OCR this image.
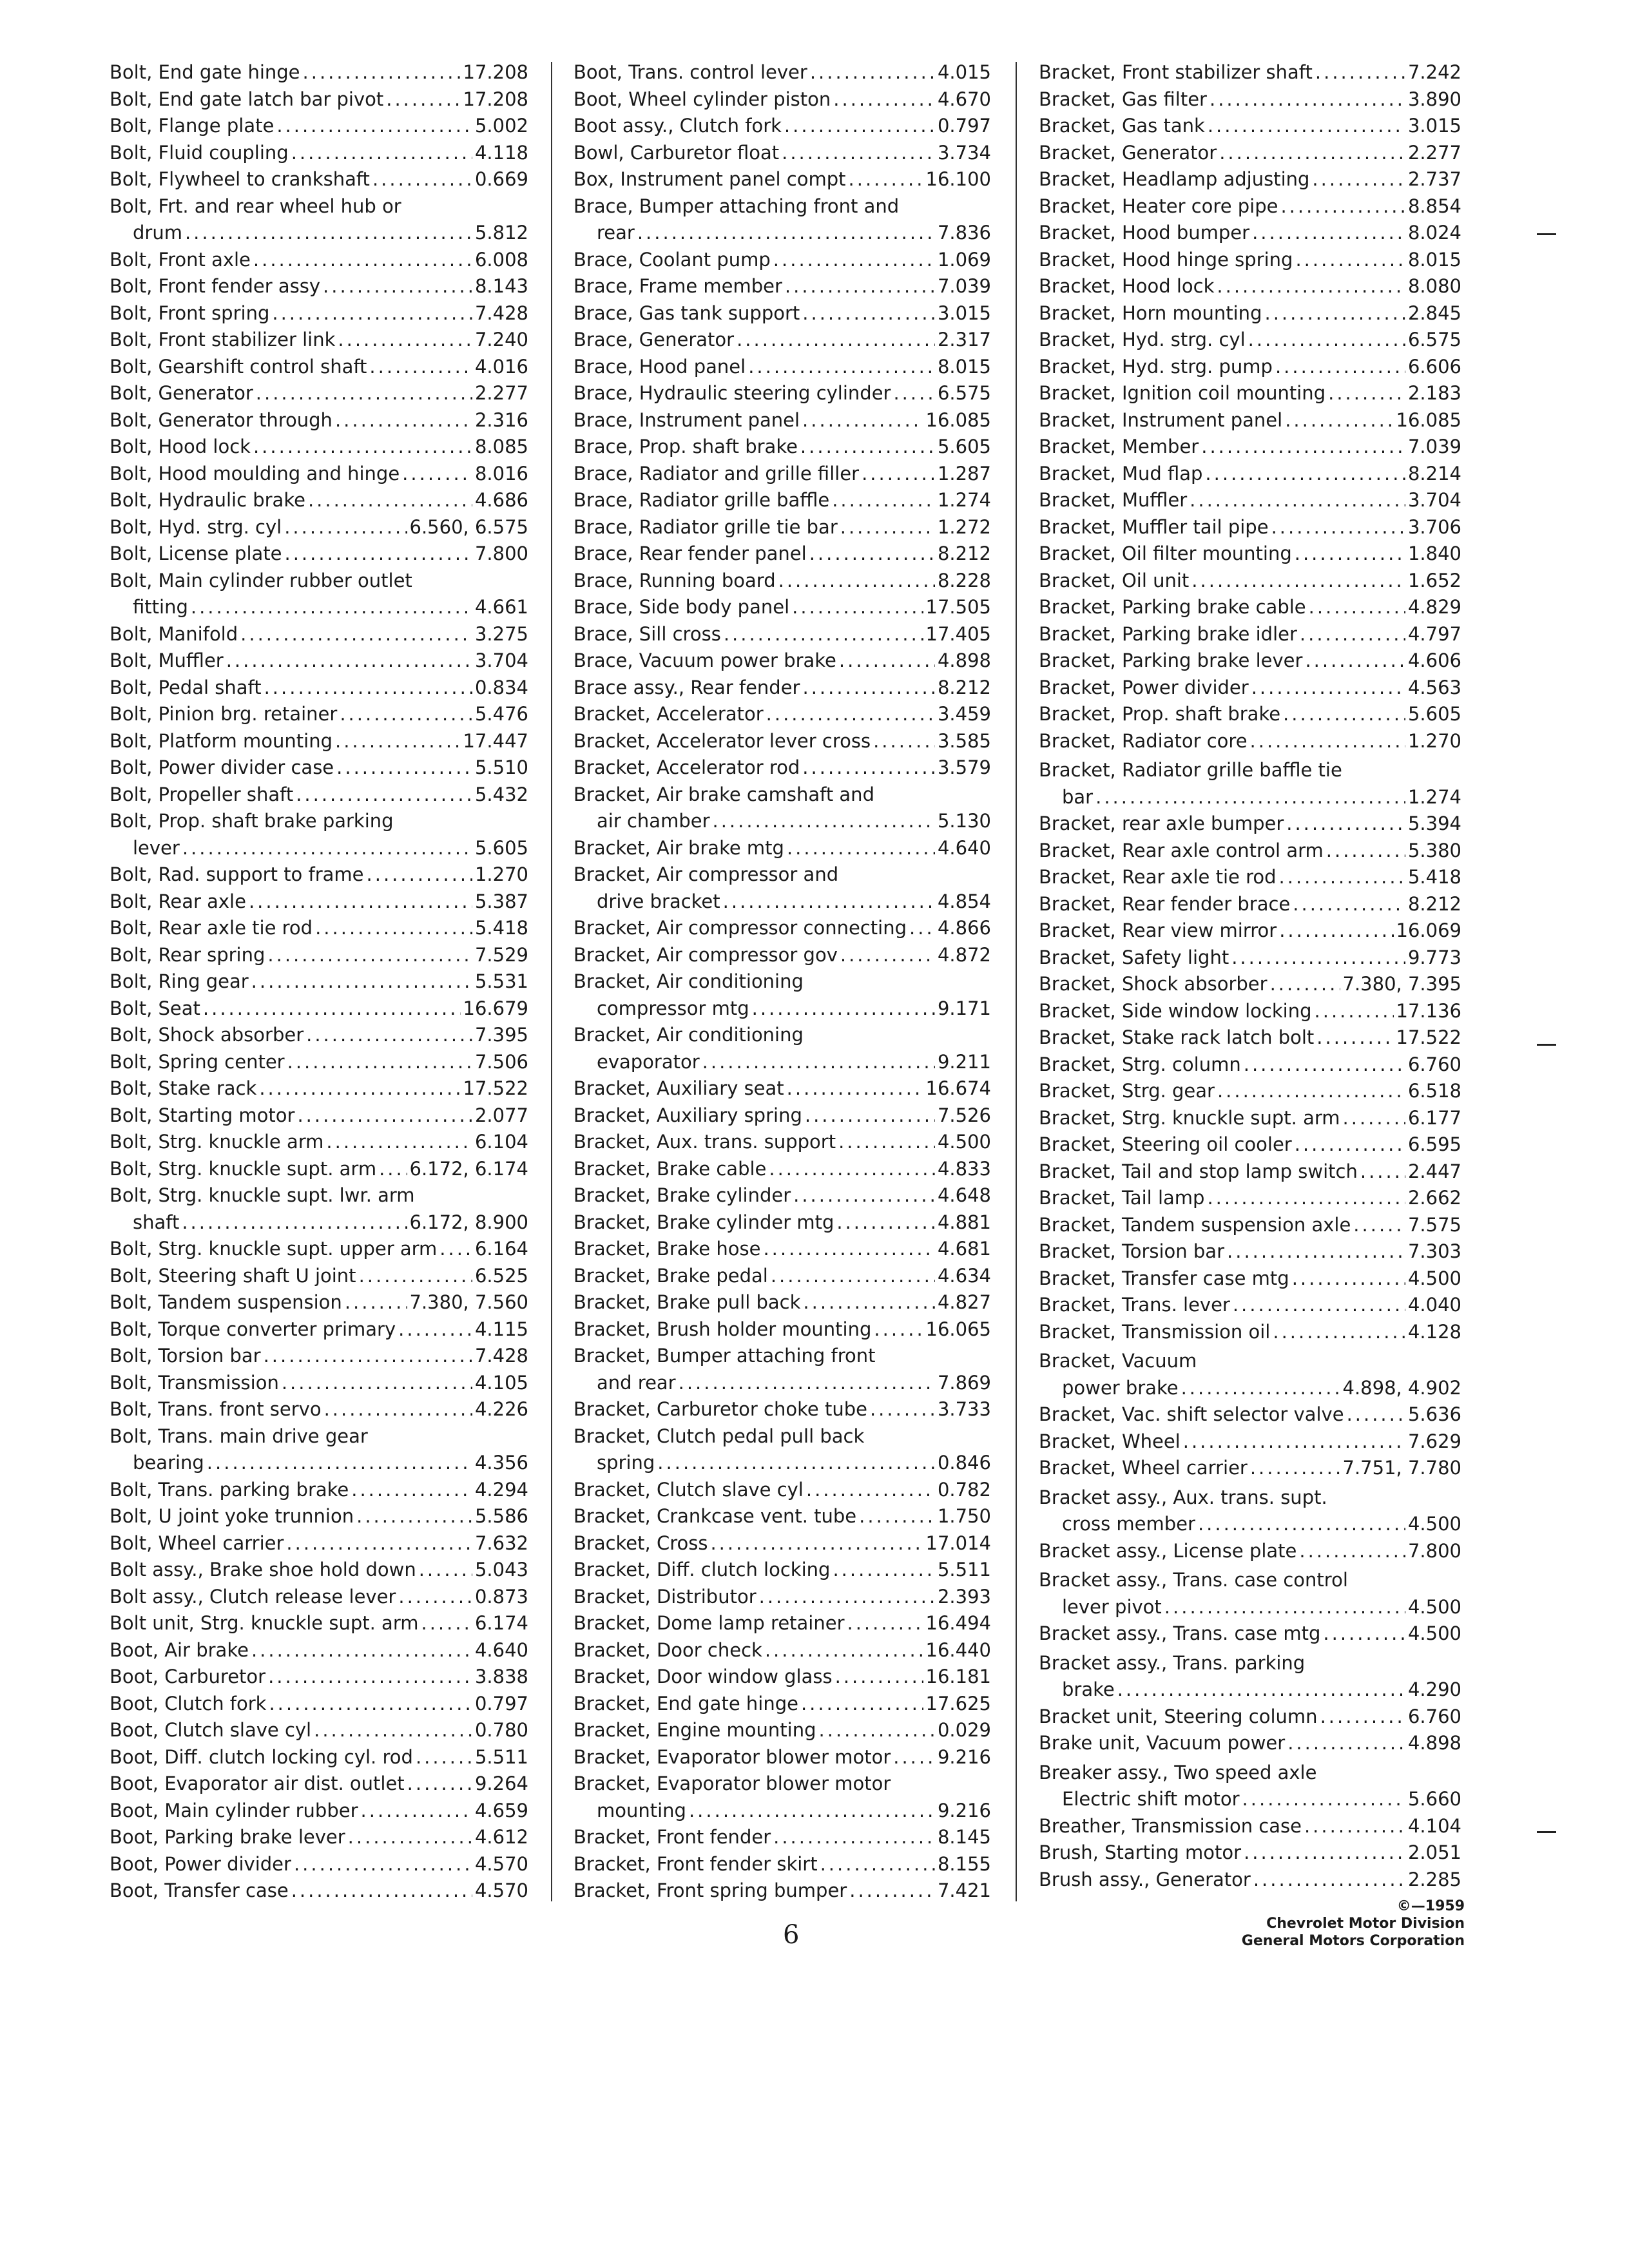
Bolt, End gate hinge .....	17.208
Bolt, End gate latch bar pivot .....	17.208
Bolt, Flange plate .....	5.002
Bolt, Fluid coupling .....	4.118
Bolt, Flywheel to crankshaft .....	0.669
Bolt, Frt. and rear wheel hub or
drum .....	5.812
Bolt, Front axle .....	6.008
Bolt, Front fender assy .....	8.143
Bolt, Front spring .....	7.428
Bolt, Front stabilizer link .....	7.240
Bolt, Gearshift control shaft .....	4.016
Bolt, Generator .....	2.277
Bolt, Generator through .....	2.316
Bolt, Hood lock .....	8.085
Bolt, Hood moulding and hinge .....	8.016
Bolt, Hydraulic brake .....	4.686
Bolt, Hyd. strg. cyl .....	6.560, 6.575
Bolt, License plate .....	7.800
Bolt, Main cylinder rubber outlet
fitting .....	4.661
Bolt, Manifold .....	3.275
Bolt, Muffler .....	3.704
Bolt, Pedal shaft .....	0.834
Bolt, Pinion brg. retainer .....	5.476
Bolt, Platform mounting .....	17.447
Bolt, Power divider case .....	5.510
Bolt, Propeller shaft .....	5.432
Bolt, Prop. shaft brake parking
lever .....	5.605
Bolt, Rad. support to frame .....	1.270
Bolt, Rear axle .....	5.387
Bolt, Rear axle tie rod .....	5.418
Bolt, Rear spring .....	7.529
Bolt, Ring gear .....	5.531
Bolt, Seat .....	16.679
Bolt, Shock absorber .....	7.395
Bolt, Spring center .....	7.506
Bolt, Stake rack .....	17.522
Bolt, Starting motor .....	2.077
Bolt, Strg. knuckle arm .....	6.104
Bolt, Strg. knuckle supt. arm ..... 6.172, 6.174
Bolt, Strg. knuckle supt. lwr. arm
shaft .....	6.172, 8.900
Bolt, Strg. knuckle supt. upper arm ..... 6.164
Bolt, Steering shaft U joint .....	6.525
Bolt, Tandem suspension .....	7.380, 7.560
Bolt, Torque converter primary .....	4.115
Bolt, Torsion bar .....	7.428
Bolt, Transmission .....	4.105
Bolt, Trans. front servo .....	4.226
Bolt, Trans. main drive gear
bearing .....	4.356
Bolt, Trans. parking brake .....	4.294
Bolt, U joint yoke trunnion .....	5.586
Bolt, Wheel carrier .....	7.632
Bolt assy., Brake shoe hold down .....	5.043
Bolt assy., Clutch release lever .....	0.873
Bolt unit, Strg. knuckle supt. arm .....	6.174
Boot, Air brake .....	4.640
Boot, Carburetor .....	3.838
Boot, Clutch fork .....	0.797
Boot, Clutch slave cyl .....	0.780
Boot, Diff. clutch locking cyl. rod .....	5.511
Boot, Evaporator air dist. outlet .....	9.264
Boot, Main cylinder rubber .....	4.659
Boot, Parking brake lever .....	4.612
Boot, Power divider .....	4.570
Boot, Transfer case .....	4.570
Boot, Trans. control lever .....	4.015
Boot, Wheel cylinder piston .....	4.670
Boot assy., Clutch fork .....	0.797
Bowl, Carburetor float .....	3.734
Box, Instrument panel compt .....	16.100
Brace, Bumper attaching front and
rear .....	7.836
Brace, Coolant pump .....	1.069
Brace, Frame member .....	7.039
Brace, Gas tank support .....	3.015
Brace, Generator .....	2.317
Brace, Hood panel .....	8.015
Brace, Hydraulic steering cylinder .....	6.575
Brace, Instrument panel .....	16.085
Brace, Prop. shaft brake .....	5.605
Brace, Radiator and grille filler .....	1.287
Brace, Radiator grille baffle .....	1.274
Brace, Radiator grille tie bar .....	1.272
Brace, Rear fender panel .....	8.212
Brace, Running board .....	8.228
Brace, Side body panel .....	17.505
Brace, Sill cross .....	17.405
Brace, Vacuum power brake .....	4.898
Brace assy., Rear fender .....	8.212
Bracket, Accelerator .....	3.459
Bracket, Accelerator lever cross .....	3.585
Bracket, Accelerator rod .....	3.579
Bracket, Air brake camshaft and
air chamber .....	5.130
Bracket, Air brake mtg .....	4.640
Bracket, Air compressor and
drive bracket .....	4.854
Bracket, Air compressor connecting ..... 4.866
Bracket, Air compressor gov .....	4.872
Bracket, Air conditioning
compressor mtg .....	9.171
Bracket, Air conditioning
evaporator .....	9.211
Bracket, Auxiliary seat .....	16.674
Bracket, Auxiliary spring .....	7.526
Bracket, Aux. trans. support .....	4.500
Bracket, Brake cable .....	4.833
Bracket, Brake cylinder .....	4.648
Bracket, Brake cylinder mtg .....	4.881
Bracket, Brake hose .....	4.681
Bracket, Brake pedal .....	4.634
Bracket, Brake pull back .....	4.827
Bracket, Brush holder mounting .....	16.065
Bracket, Bumper attaching front
and rear .....	7.869
Bracket, Carburetor choke tube .....	3.733
Bracket, Clutch pedal pull back
spring .....	0.846
Bracket, Clutch slave cyl .....	0.782
Bracket, Crankcase vent. tube .....	1.750
Bracket, Cross .....	17.014
Bracket, Diff. clutch locking .....	5.511
Bracket, Distributor .....	2.393
Bracket, Dome lamp retainer .....	16.494
Bracket, Door check .....	16.440
Bracket, Door window glass .....	16.181
Bracket, End gate hinge .....	17.625
Bracket, Engine mounting .....	0.029
Bracket, Evaporator blower motor .....	9.216
Bracket, Evaporator blower motor
mounting .....	9.216
Bracket, Front fender .....	8.145
Bracket, Front fender skirt .....	8.155
Bracket, Front spring bumper .....	7.421
Bracket, Front stabilizer shaft .....	7.242
Bracket, Gas filter .....	3.890
Bracket, Gas tank .....	3.015
Bracket, Generator .....	2.277
Bracket, Headlamp adjusting .....	2.737
Bracket, Heater core pipe .....	8.854
Bracket, Hood bumper .....	8.024
Bracket, Hood hinge spring .....	8.015
Bracket, Hood lock .....	8.080
Bracket, Horn mounting .....	2.845
Bracket, Hyd. strg. cyl .....	6.575
Bracket, Hyd. strg. pump .....	6.606
Bracket, Ignition coil mounting .....	2.183
Bracket, Instrument panel .....	16.085
Bracket, Member .....	7.039
Bracket, Mud flap .....	8.214
Bracket, Muffler .....	3.704
Bracket, Muffler tail pipe .....	3.706
Bracket, Oil filter mounting .....	1.840
Bracket, Oil unit .....	1.652
Bracket, Parking brake cable .....	4.829
Bracket, Parking brake idler .....	4.797
Bracket, Parking brake lever .....	4.606
Bracket, Power divider .....	4.563
Bracket, Prop. shaft brake .....	5.605
Bracket, Radiator core .....	1.270
Bracket, Radiator grille baffle tie
bar .....	1.274
Bracket, rear axle bumper .....	5.394
Bracket, Rear axle control arm .....	5.380
Bracket, Rear axle tie rod .....	5.418
Bracket, Rear fender brace .....	8.212
Bracket, Rear view mirror .....	16.069
Bracket, Safety light .....	9.773
Bracket, Shock absorber .....	7.380, 7.395
Bracket, Side window locking .....	17.136
Bracket, Stake rack latch bolt .....	17.522
Bracket, Strg. column .....	6.760
Bracket, Strg. gear .....	6.518
Bracket, Strg. knuckle supt. arm .....	6.177
Bracket, Steering oil cooler .....	6.595
Bracket, Tail and stop lamp switch .....	2.447
Bracket, Tail lamp .....	2.662
Bracket, Tandem suspension axle .....	7.575
Bracket, Torsion bar .....	7.303
Bracket, Transfer case mtg .....	4.500
Bracket, Trans. lever .....	4.040
Bracket, Transmission oil .....	4.128
Bracket, Vacuum
power brake .....	4.898, 4.902
Bracket, Vac. shift selector valve .....	5.636
Bracket, Wheel .....	7.629
Bracket, Wheel carrier .....	7.751, 7.780
Bracket assy., Aux. trans. supt.
cross member .....	4.500
Bracket assy., License plate .....	7.800
Bracket assy., Trans. case control
lever pivot .....	4.500
Bracket assy., Trans. case mtg .....	4.500
Bracket assy., Trans. parking
brake .....	4.290
Bracket unit, Steering column .....	6.760
Brake unit, Vacuum power .....	4.898
Breaker assy., Two speed axle
Electric shift motor .....	5.660
Breather, Transmission case .....	4.104
Brush, Starting motor .....	2.051
Brush assy., Generator .....	2.285
6
©—1959
Chevrolet Motor Division
General Motors Corporation
